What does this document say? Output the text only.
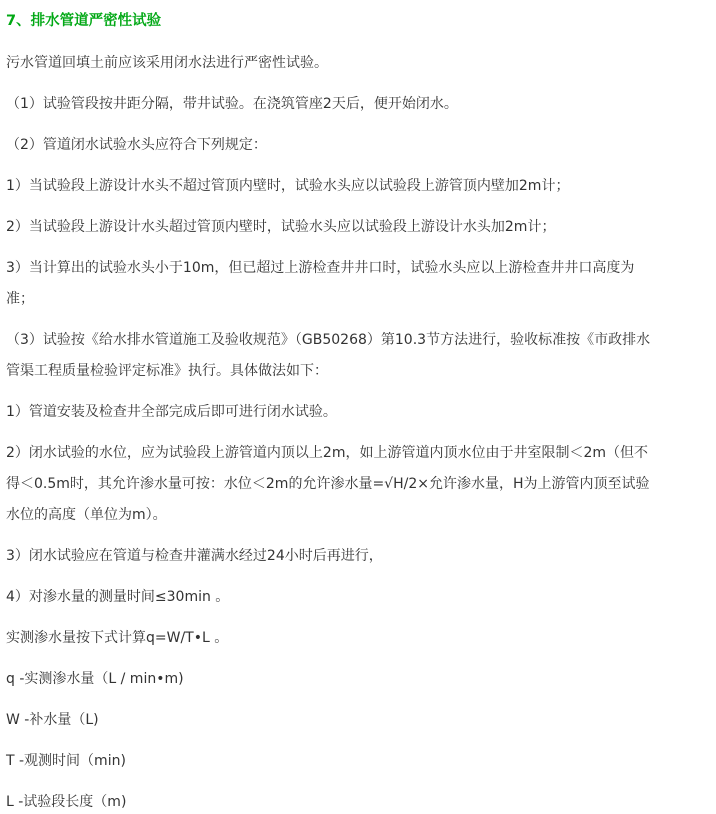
7、排水管道严密性试验
污水管道回填土前应该采用闭水法进行严密性试验。
（1）试验管段按井距分隔，带井试验。在浇筑管座2天后，便开始闭水。
（2）管道闭水试验水头应符合下列规定：
1）当试验段上游设计水头不超过管顶内壁时，试验水头应以试验段上游管顶内壁加2m计；
2）当试验段上游设计水头超过管顶内壁时，试验水头应以试验段上游设计水头加2m计；
3）当计算出的试验水头小于10m，但已超过上游检查井井口时，试验水头应以上游检查井井口高度为
准；
（3）试验按《给水排水管道施工及验收规范》（GB50268）第10.3节方法进行，验收标准按《市政排水
管渠工程质量检验评定标准》执行。具体做法如下：
1）管道安装及检查井全部完成后即可进行闭水试验。
2）闭水试验的水位，应为试验段上游管道内顶以上2m，如上游管道内顶水位由于井室限制＜2m（但不
得＜0.5m时，其允许渗水量可按：水位＜2m的允许渗水量=√H/2×允许渗水量，H为上游管内顶至试验
水位的高度（单位为m）。
3）闭水试验应在管道与检查井灌满水经过24小时后再进行，
4）对渗水量的测量时间≤30min 。
实测渗水量按下式计算q=W/T•L 。
q -实测渗水量（L / min•m)
W -补水量（L)
T -观测时间（min)
L -试验段长度（m)
